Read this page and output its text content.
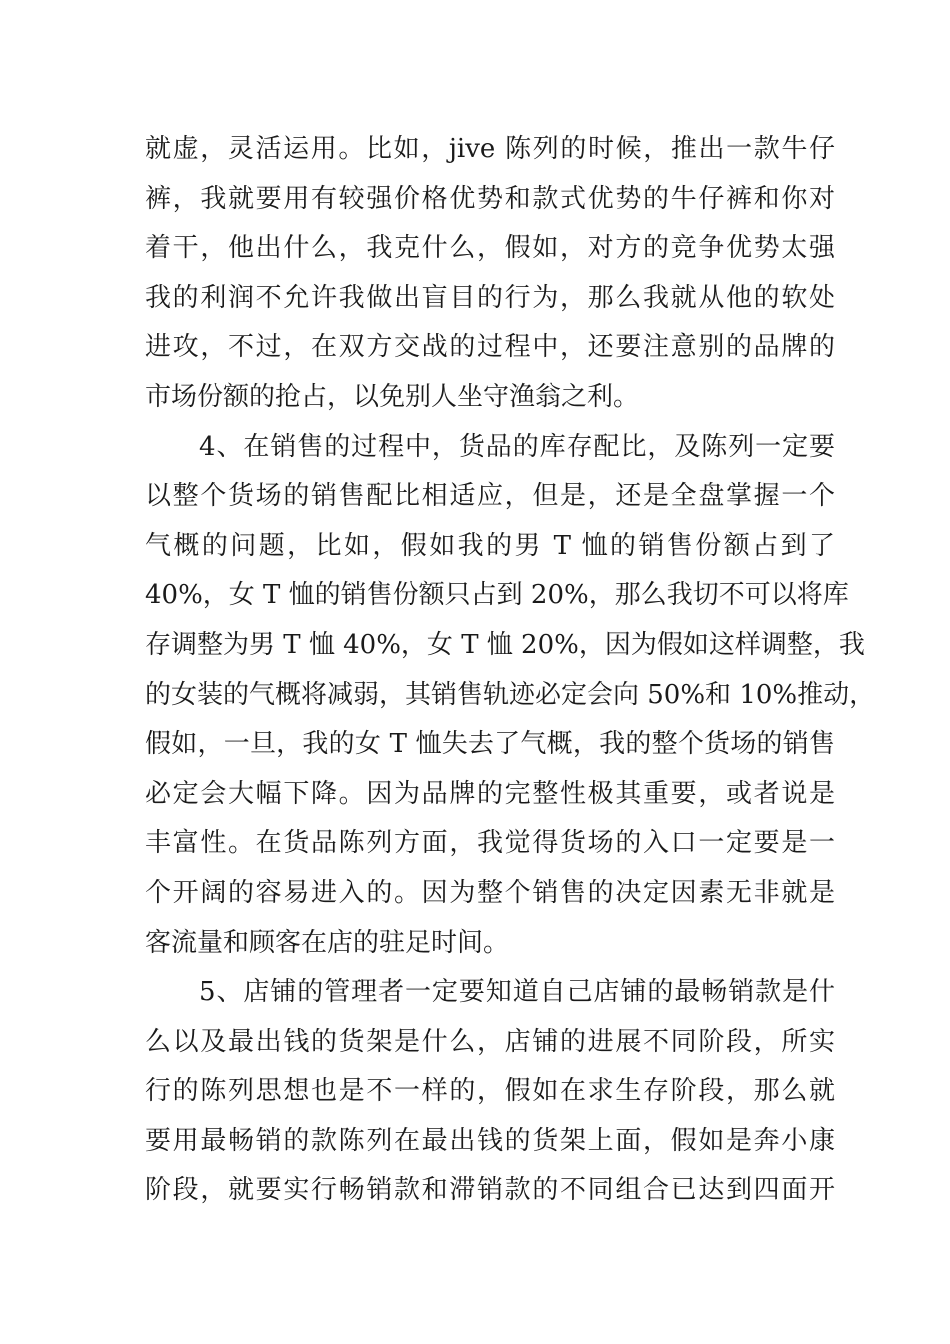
就虚，灵活运用。比如，jive 陈列的时候，推出一款牛仔
裤，我就要用有较强价格优势和款式优势的牛仔裤和你对
着干，他出什么，我克什么，假如，对方的竞争优势太强
我的利润不允许我做出盲目的行为，那么我就从他的软处
进攻，不过，在双方交战的过程中，还要注意别的品牌的
市场份额的抢占，以免别人坐守渔翁之利。
4、在销售的过程中，货品的库存配比，及陈列一定要
以整个货场的销售配比相适应，但是，还是全盘掌握一个
气概的问题，比如，假如我的男 T 恤的销售份额占到了
40%，女 T 恤的销售份额只占到 20%，那么我切不可以将库
存调整为男 T 恤 40%，女 T 恤 20%，因为假如这样调整，我
的女装的气概将减弱，其销售轨迹必定会向 50%和 10%推动，
假如，一旦，我的女 T 恤失去了气概，我的整个货场的销售
必定会大幅下降。因为品牌的完整性极其重要，或者说是
丰富性。在货品陈列方面，我觉得货场的入口一定要是一
个开阔的容易进入的。因为整个销售的决定因素无非就是
客流量和顾客在店的驻足时间。
5、店铺的管理者一定要知道自己店铺的最畅销款是什
么以及最出钱的货架是什么，店铺的进展不同阶段，所实
行的陈列思想也是不一样的，假如在求生存阶段，那么就
要用最畅销的款陈列在最出钱的货架上面，假如是奔小康
阶段，就要实行畅销款和滞销款的不同组合已达到四面开
